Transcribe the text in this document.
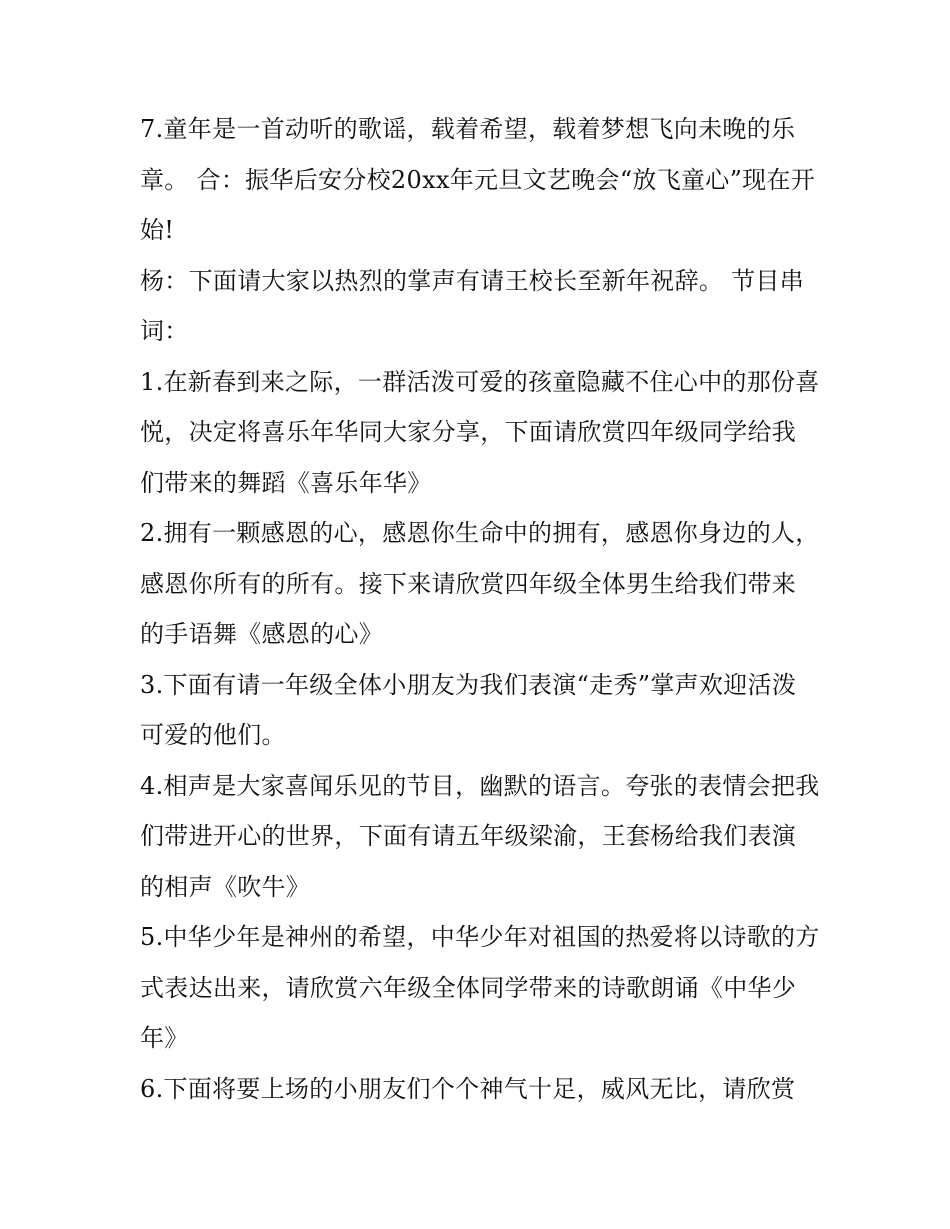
7.童年是一首动听的歌谣，载着希望，载着梦想飞向未晚的乐章。 合：振华后安分校20xx年元旦文艺晚会“放飞童心”现在开始!

杨：下面请大家以热烈的掌声有请王校长至新年祝辞。 节目串词：

1.在新春到来之际，一群活泼可爱的孩童隐藏不住心中的那份喜悦，决定将喜乐年华同大家分享，下面请欣赏四年级同学给我们带来的舞蹈《喜乐年华》

2.拥有一颗感恩的心，感恩你生命中的拥有，感恩你身边的人，感恩你所有的所有。接下来请欣赏四年级全体男生给我们带来的手语舞《感恩的心》

3.下面有请一年级全体小朋友为我们表演“走秀”掌声欢迎活泼可爱的他们。

4.相声是大家喜闻乐见的节目，幽默的语言。夸张的表情会把我们带进开心的世界，下面有请五年级梁渝，王套杨给我们表演的相声《吹牛》

5.中华少年是神州的希望，中华少年对祖国的热爱将以诗歌的方式表达出来，请欣赏六年级全体同学带来的诗歌朗诵《中华少年》

6.下面将要上场的小朋友们个个神气十足，威风无比，请欣赏
